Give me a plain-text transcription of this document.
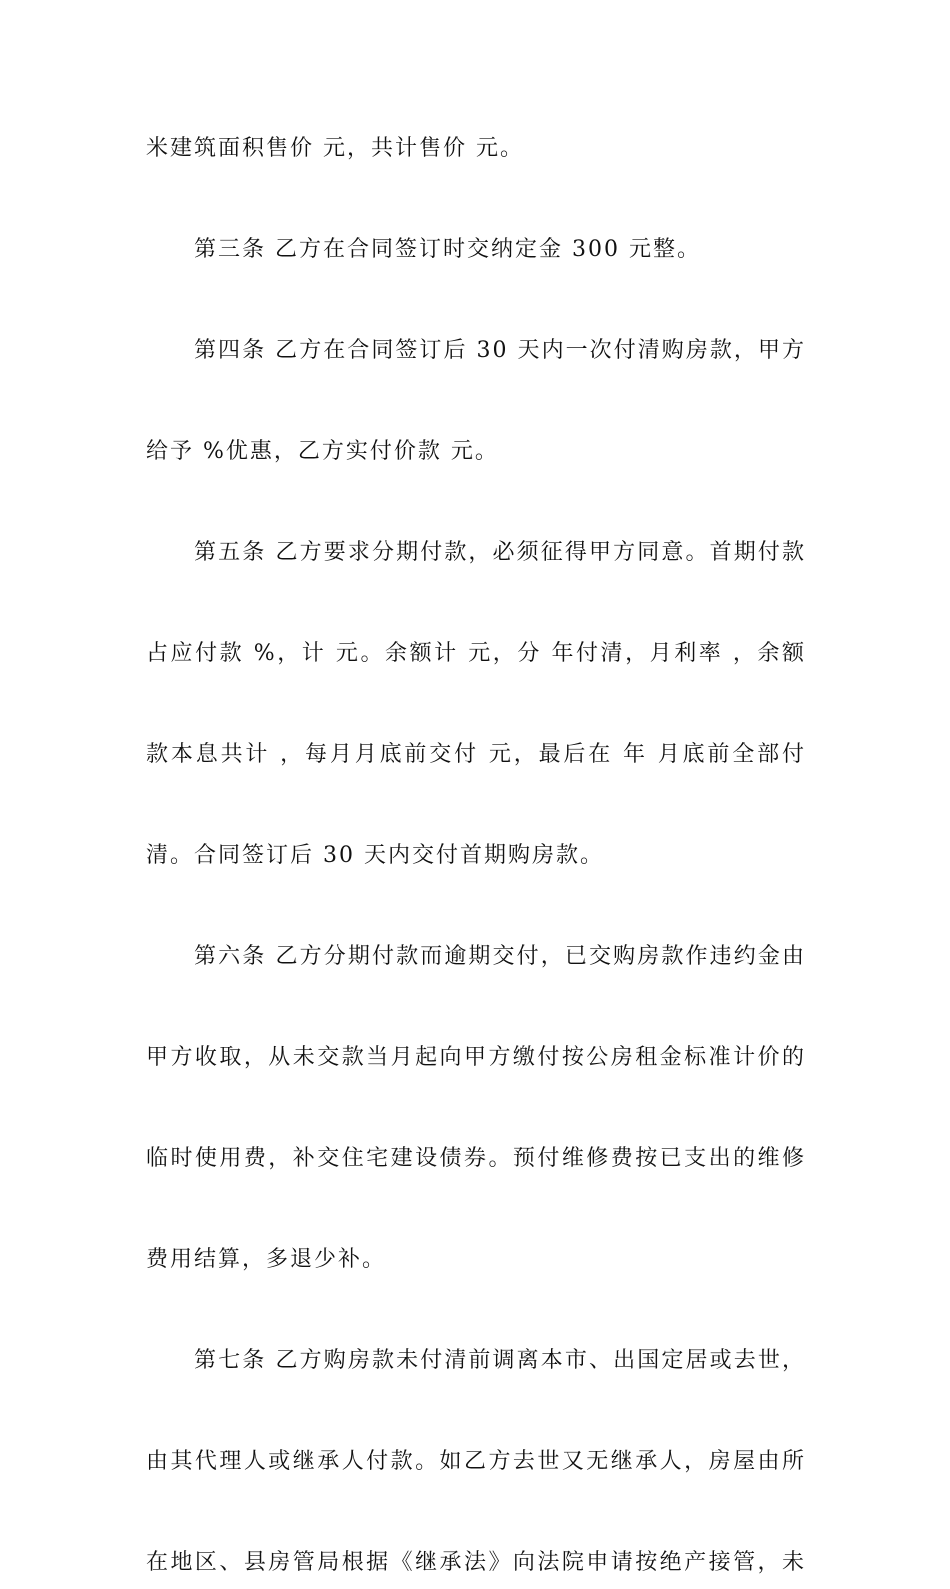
米建筑面积售价 元，共计售价 元。
第三条 乙方在合同签订时交纳定金 300 元整。
第四条 乙方在合同签订后 30 天内一次付清购房款，甲方
给予 %优惠，乙方实付价款 元。
第五条 乙方要求分期付款，必须征得甲方同意。首期付款
占应付款 %，计 元。余额计 元，分 年付清，月利率 ，余额
款本息共计 ，每月月底前交付 元，最后在 年 月底前全部付
清。合同签订后 30 天内交付首期购房款。
第六条 乙方分期付款而逾期交付，已交购房款作违约金由
甲方收取，从未交款当月起向甲方缴付按公房租金标准计价的
临时使用费，补交住宅建设债券。预付维修费按已支出的维修
费用结算，多退少补。
第七条 乙方购房款未付清前调离本市、出国定居或去世，
由其代理人或继承人付款。如乙方去世又无继承人，房屋由所
在地区、县房管局根据《继承法》向法院申请按绝产接管，未
